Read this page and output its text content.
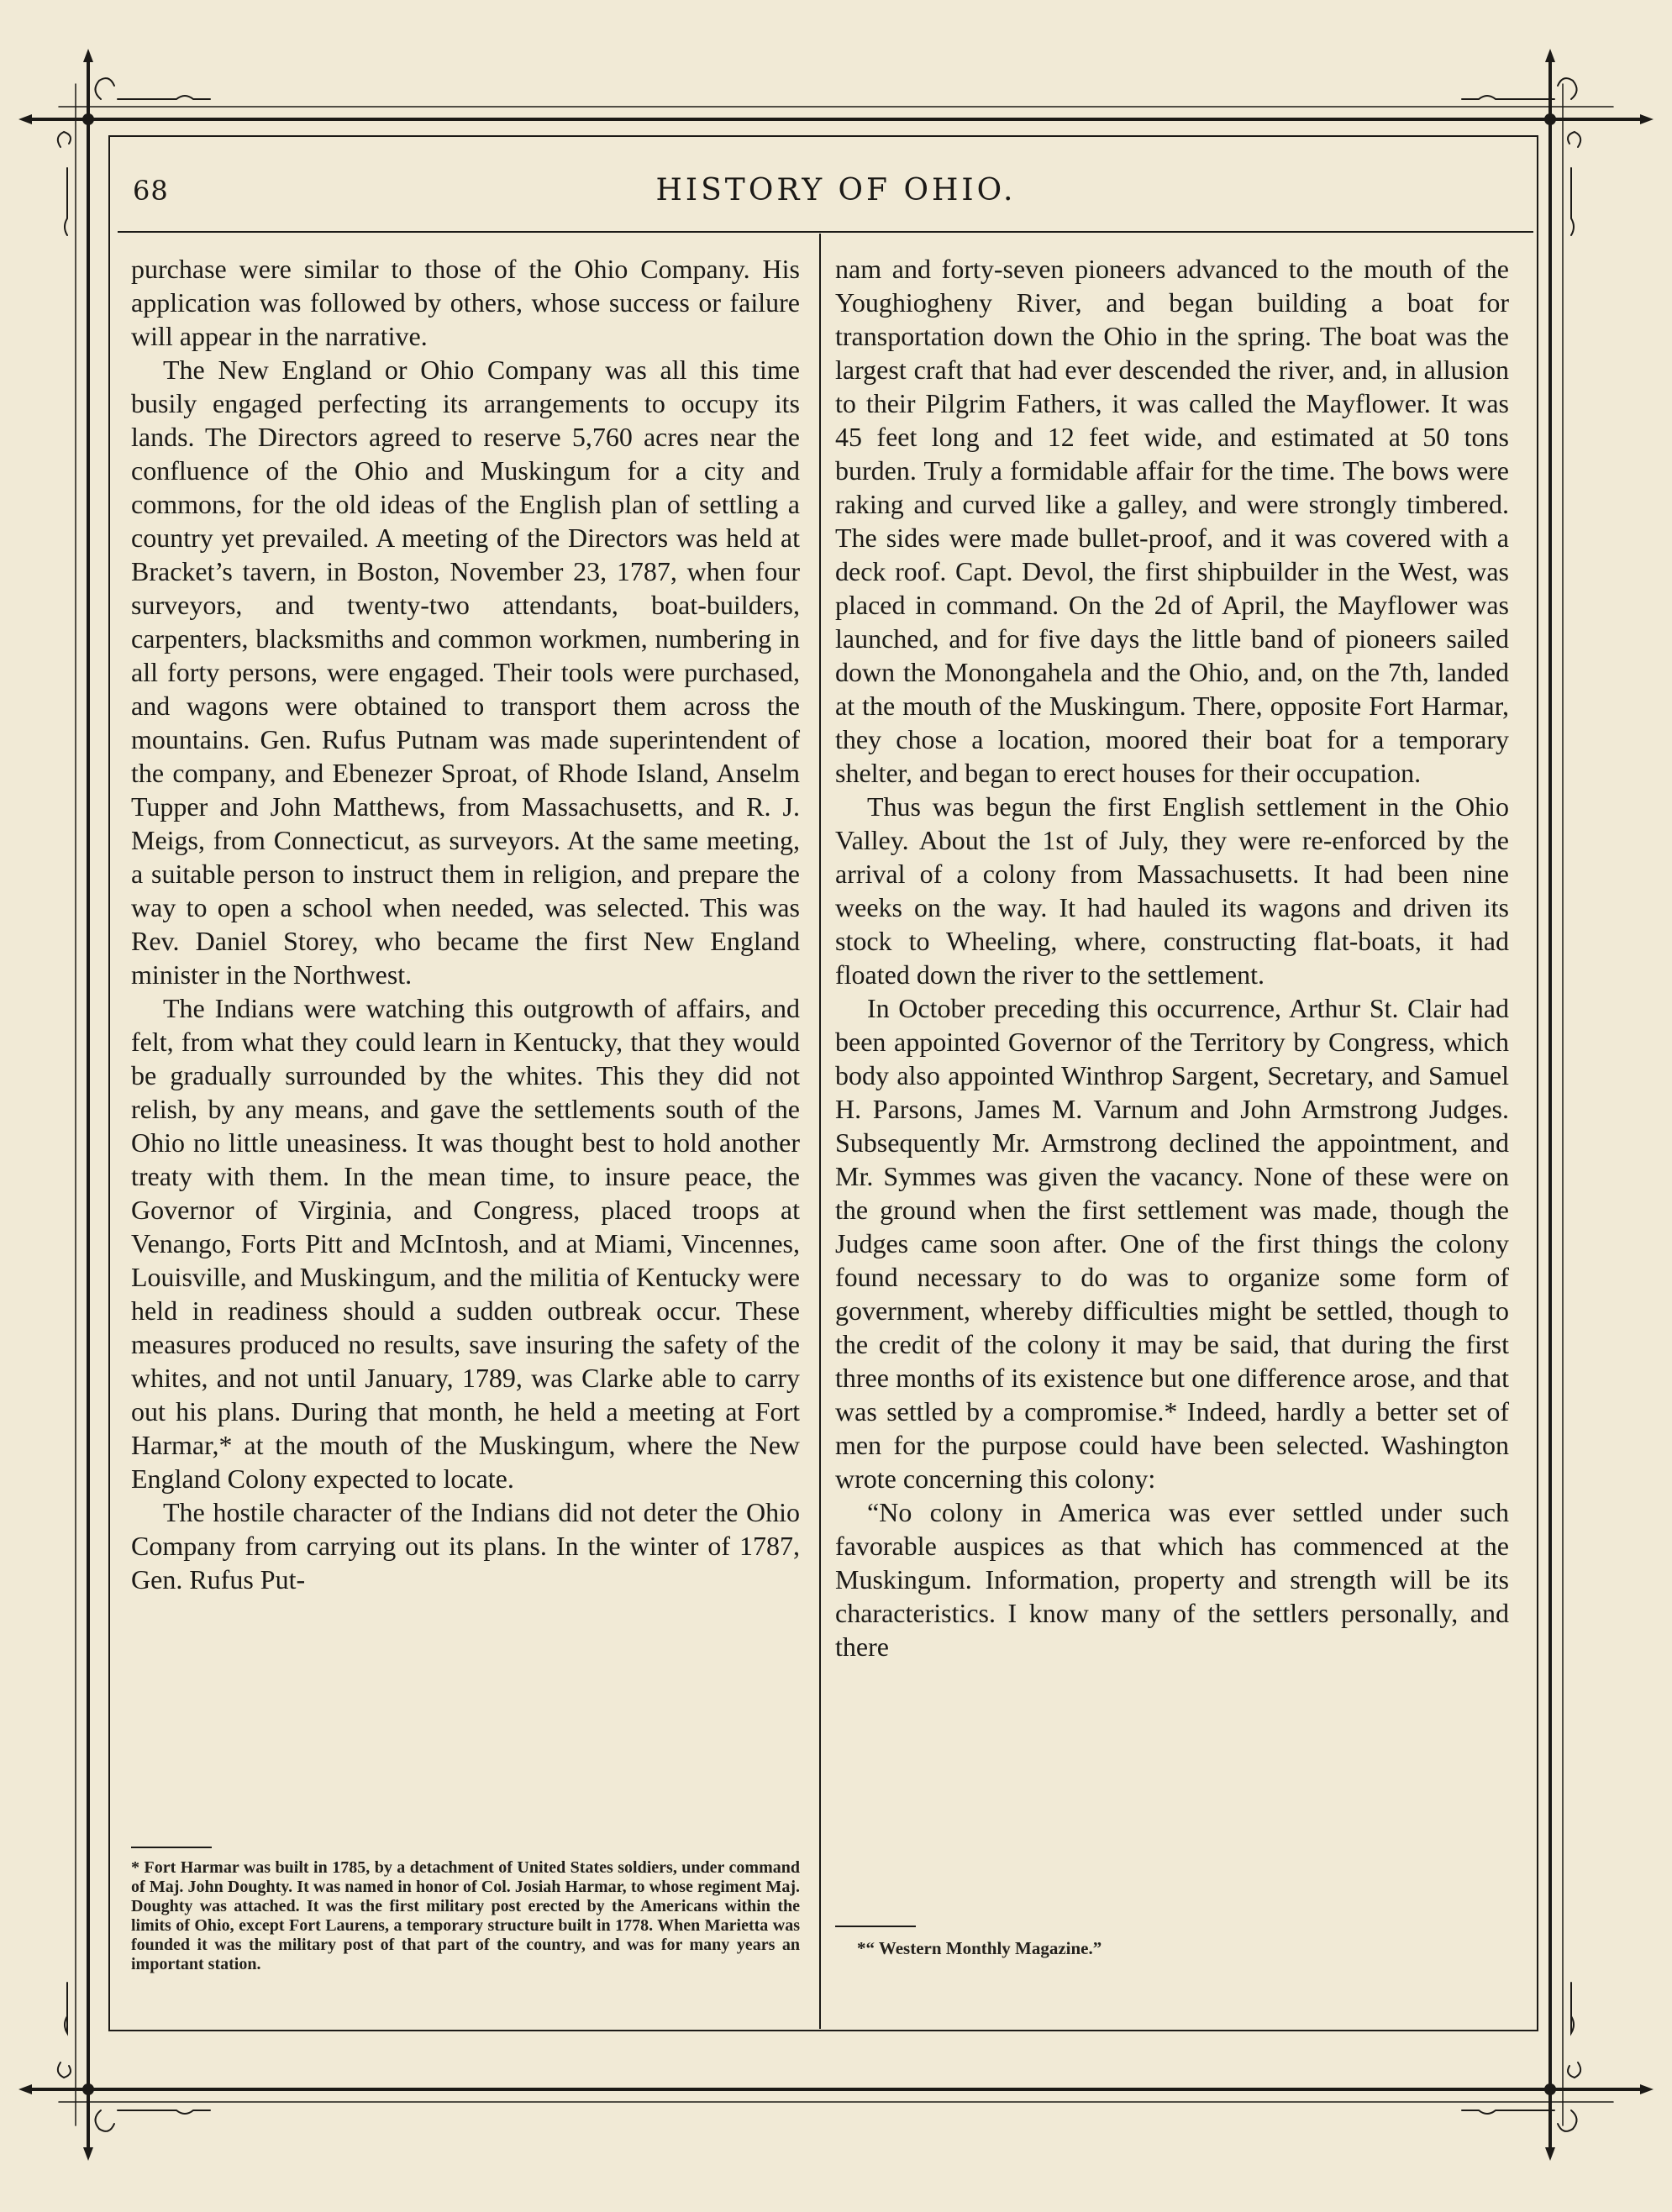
68	HISTORY OF OHIO.

purchase were similar to those of the Ohio Company. His application was followed by others, whose success or failure will appear in the narrative.

The New England or Ohio Company was all this time busily engaged perfecting its arrangements to occupy its lands. The Directors agreed to reserve 5,760 acres near the confluence of the Ohio and Muskingum for a city and commons, for the old ideas of the English plan of settling a country yet prevailed. A meeting of the Directors was held at Bracket’s tavern, in Boston, November 23, 1787, when four surveyors, and twenty-two attendants, boat-builders, carpenters, blacksmiths and common workmen, numbering in all forty persons, were engaged. Their tools were purchased, and wagons were obtained to transport them across the mountains. Gen. Rufus Putnam was made superintendent of the company, and Ebenezer Sproat, of Rhode Island, Anselm Tupper and John Matthews, from Massachusetts, and R. J. Meigs, from Connecticut, as surveyors. At the same meeting, a suitable person to instruct them in religion, and prepare the way to open a school when needed, was selected. This was Rev. Daniel Storey, who became the first New England minister in the Northwest.

The Indians were watching this outgrowth of affairs, and felt, from what they could learn in Kentucky, that they would be gradually surrounded by the whites. This they did not relish, by any means, and gave the settlements south of the Ohio no little uneasiness. It was thought best to hold another treaty with them. In the mean time, to insure peace, the Governor of Virginia, and Congress, placed troops at Venango, Forts Pitt and McIntosh, and at Miami, Vincennes, Louisville, and Muskingum, and the militia of Kentucky were held in readiness should a sudden outbreak occur. These measures produced no results, save insuring the safety of the whites, and not until January, 1789, was Clarke able to carry out his plans. During that month, he held a meeting at Fort Harmar,* at the mouth of the Muskingum, where the New England Colony expected to locate.

The hostile character of the Indians did not deter the Ohio Company from carrying out its plans. In the winter of 1787, Gen. Rufus Put-

nam and forty-seven pioneers advanced to the mouth of the Youghiogheny River, and began building a boat for transportation down the Ohio in the spring. The boat was the largest craft that had ever descended the river, and, in allusion to their Pilgrim Fathers, it was called the Mayflower. It was 45 feet long and 12 feet wide, and estimated at 50 tons burden. Truly a formidable affair for the time. The bows were raking and curved like a galley, and were strongly timbered. The sides were made bullet-proof, and it was covered with a deck roof. Capt. Devol, the first shipbuilder in the West, was placed in command. On the 2d of April, the Mayflower was launched, and for five days the little band of pioneers sailed down the Monongahela and the Ohio, and, on the 7th, landed at the mouth of the Muskingum. There, opposite Fort Harmar, they chose a location, moored their boat for a temporary shelter, and began to erect houses for their occupation.

Thus was begun the first English settlement in the Ohio Valley. About the 1st of July, they were re-enforced by the arrival of a colony from Massachusetts. It had been nine weeks on the way. It had hauled its wagons and driven its stock to Wheeling, where, constructing flat-boats, it had floated down the river to the settlement.

In October preceding this occurrence, Arthur St. Clair had been appointed Governor of the Territory by Congress, which body also appointed Winthrop Sargent, Secretary, and Samuel H. Parsons, James M. Varnum and John Armstrong Judges. Subsequently Mr. Armstrong declined the appointment, and Mr. Symmes was given the vacancy. None of these were on the ground when the first settlement was made, though the Judges came soon after. One of the first things the colony found necessary to do was to organize some form of government, whereby difficulties might be settled, though to the credit of the colony it may be said, that during the first three months of its existence but one difference arose, and that was settled by a compromise.* Indeed, hardly a better set of men for the purpose could have been selected. Washington wrote concerning this colony:

“No colony in America was ever settled under such favorable auspices as that which has commenced at the Muskingum. Information, property and strength will be its characteristics. I know many of the settlers personally, and there

* Fort Harmar was built in 1785, by a detachment of United States soldiers, under command of Maj. John Doughty. It was named in honor of Col. Josiah Harmar, to whose regiment Maj. Doughty was attached. It was the first military post erected by the Americans within the limits of Ohio, except Fort Laurens, a temporary structure built in 1778. When Marietta was founded it was the military post of that part of the country, and was for many years an important station.
*“ Western Monthly Magazine.”
